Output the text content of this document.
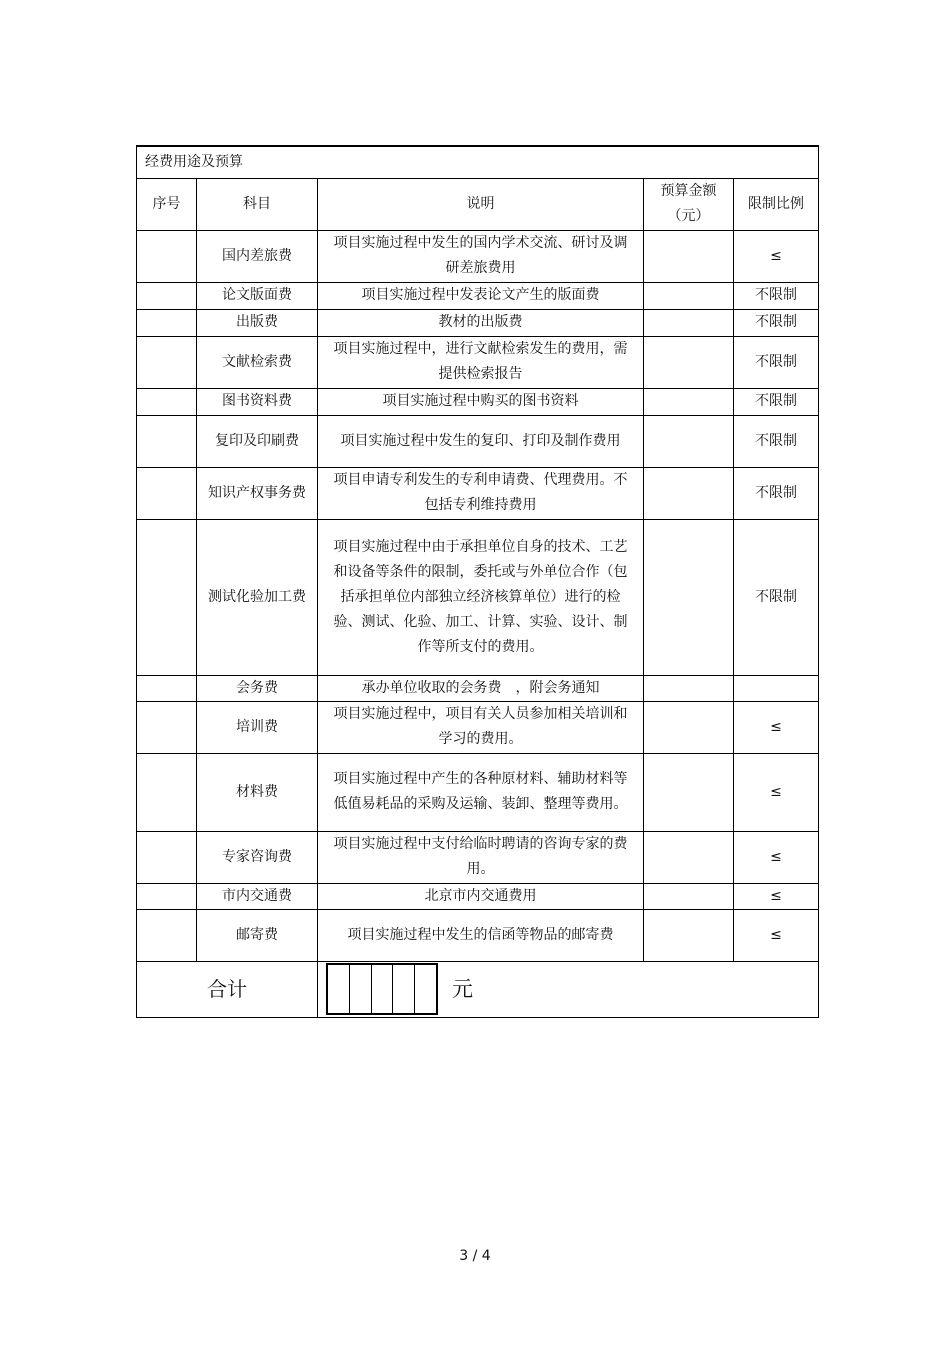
经费用途及预算				
序号	科目	说明	预算金额（元）	限制比例
	国内差旅费	项目实施过程中发生的国内学术交流、研讨及调研差旅费用		≤
	论文版面费	项目实施过程中发表论文产生的版面费		不限制
	出版费	教材的出版费		不限制
	文献检索费	项目实施过程中，进行文献检索发生的费用，需提供检索报告		不限制
	图书资料费	项目实施过程中购买的图书资料		不限制
	复印及印刷费	项目实施过程中发生的复印、打印及制作费用		不限制
	知识产权事务费	项目申请专利发生的专利申请费、代理费用。不包括专利维持费用		不限制
	测试化验加工费	项目实施过程中由于承担单位自身的技术、工艺和设备等条件的限制，委托或与外单位合作（包括承担单位内部独立经济核算单位）进行的检验、测试、化验、加工、计算、实验、设计、制作等所支付的费用。		不限制
	会务费	承办单位收取的会务费　，附会务通知		
	培训费	项目实施过程中，项目有关人员参加相关培训和学习的费用。		≤
	材料费	项目实施过程中产生的各种原材料、辅助材料等低值易耗品的采购及运输、装卸、整理等费用。		≤
	专家咨询费	项目实施过程中支付给临时聘请的咨询专家的费用。		≤
	市内交通费	北京市内交通费用		≤
	邮寄费	项目实施过程中发生的信函等物品的邮寄费		≤
合计		元		
3 / 4
